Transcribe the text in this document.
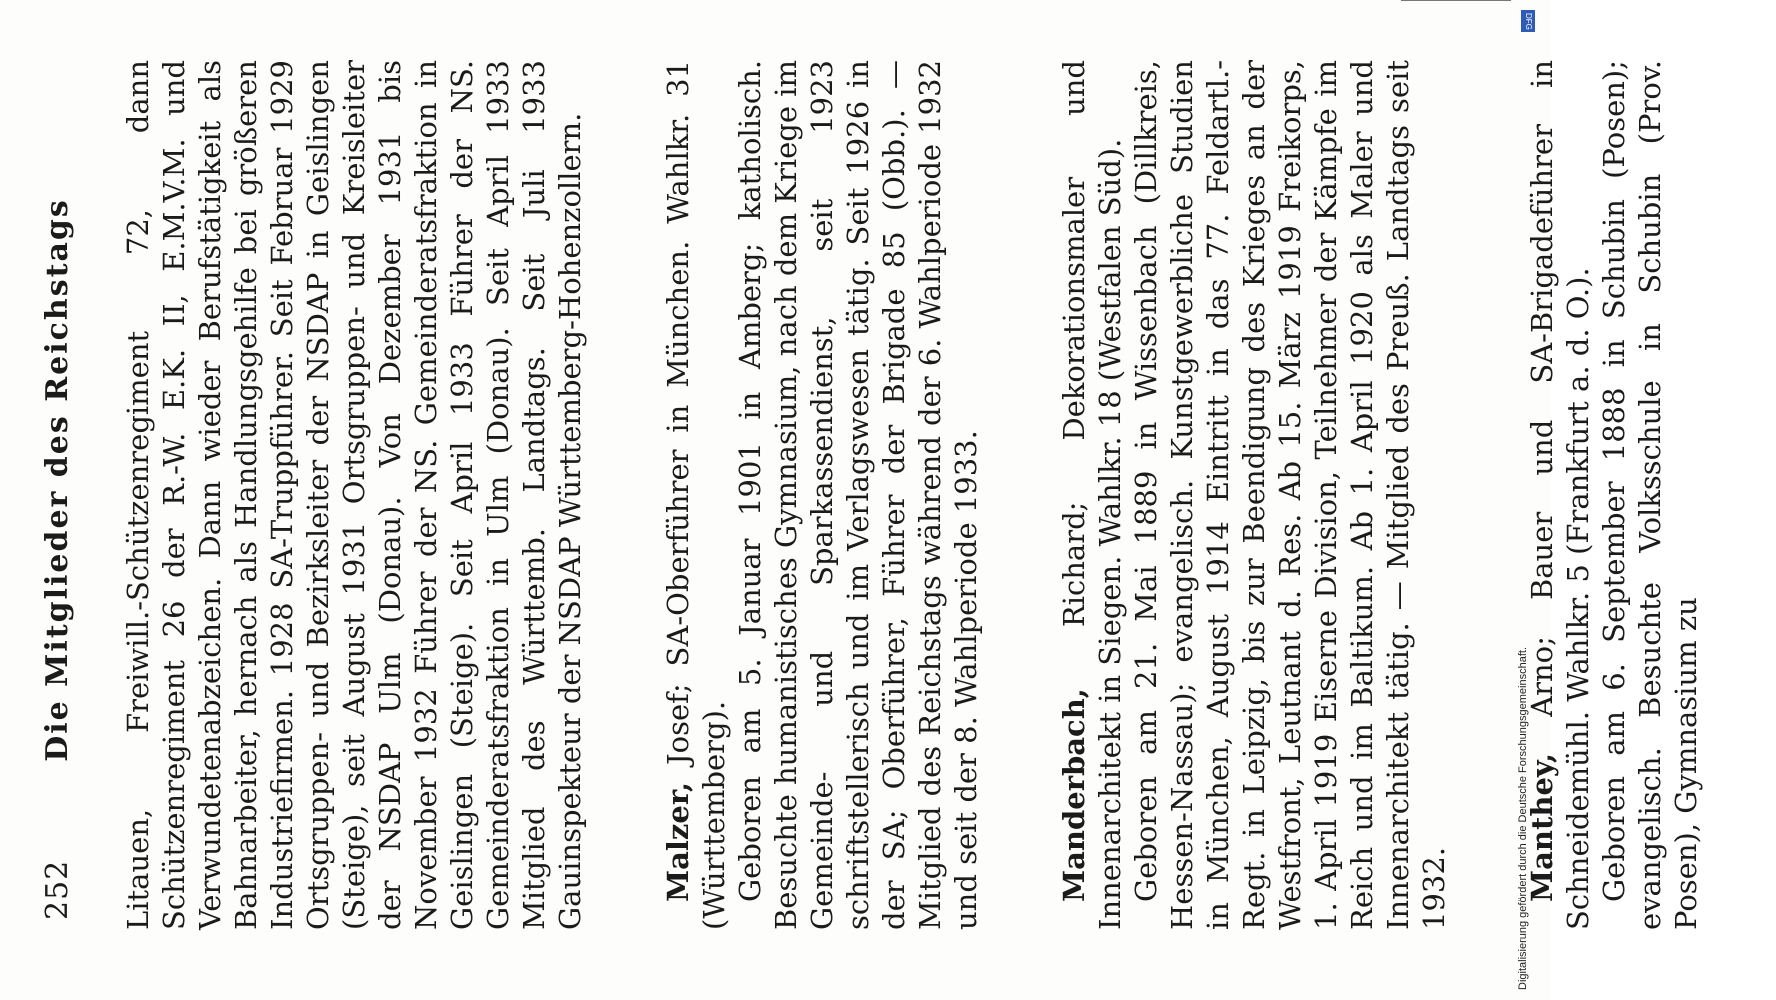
252
Die Mitglieder des Reichstags Litauen, Freiwill.-Schützenregiment 72, dann Schützenregiment 26 der R.-W. E.K. II, E.M.V.M. und Verwundetenabzeichen. Dann wieder Berufstätigkeit als Bahnarbeiter, hernach als Handlungsgehilfe bei größeren Industriefirmen. 1928 SA-Truppführer. Seit Februar 1929 Ortsgruppen- und Bezirksleiter der NSDAP in Geislingen (Steige), seit August 1931 Ortsgruppen- und Kreisleiter der NSDAP Ulm (Donau). Von Dezember 1931 bis November 1932 Führer der NS. Gemeinderatsfraktion in Geislingen (Steige). Seit April 1933 Führer der NS. Gemeinderatsfraktion in Ulm (Donau). Seit April 1933 Mitglied des Württemb. Landtags. Seit Juli 1933 Gauinspekteur der NSDAP Württemberg-Hohenzollern.	Malzer, Josef; SA-Oberführer in München. Wahlkr. 31 (Württemberg). Geboren am 5. Januar 1901 in Amberg; katholisch. Besuchte humanistisches Gymnasium, nach dem Kriege im Gemeinde- und Sparkassendienst, seit 1923 schriftstellerisch und im Verlagswesen tätig. Seit 1926 in der SA; Oberführer, Führer der Brigade 85 (Obb.). — Mitglied des Reichstags während der 6. Wahlperiode 1932 und seit der 8. Wahlperiode 1933.	Manderbach, Richard; Dekorationsmaler und Innenarchitekt in Siegen. Wahlkr. 18 (Westfalen Süd). Geboren am 21. Mai 1889 in Wissenbach (Dillkreis, Hessen-Nassau); evangelisch. Kunstgewerbliche Studien in München, August 1914 Eintritt in das 77. Feldartl.-Regt. in Leipzig, bis zur Beendigung des Krieges an der Westfront, Leutnant d. Res. Ab 15. März 1919 Freikorps, 1. April 1919 Eiserne Division, Teilnehmer der Kämpfe im Reich und im Baltikum. Ab 1. April 1920 als Maler und Innenarchitekt tätig. — Mitglied des Preuß. Landtags seit 1932.	Manthey, Arno; Bauer und SA-Brigadeführer in Schneidemühl. Wahlkr. 5 (Frankfurt a. d. O.). Geboren am 6. September 1888 in Schubin (Posen); evangelisch. Besuchte Volksschule in Schubin (Prov. Posen), Gymnasium zu

DFG
Digitalisierung gefördert durch die Deutsche Forschungsgemeinschaft.
